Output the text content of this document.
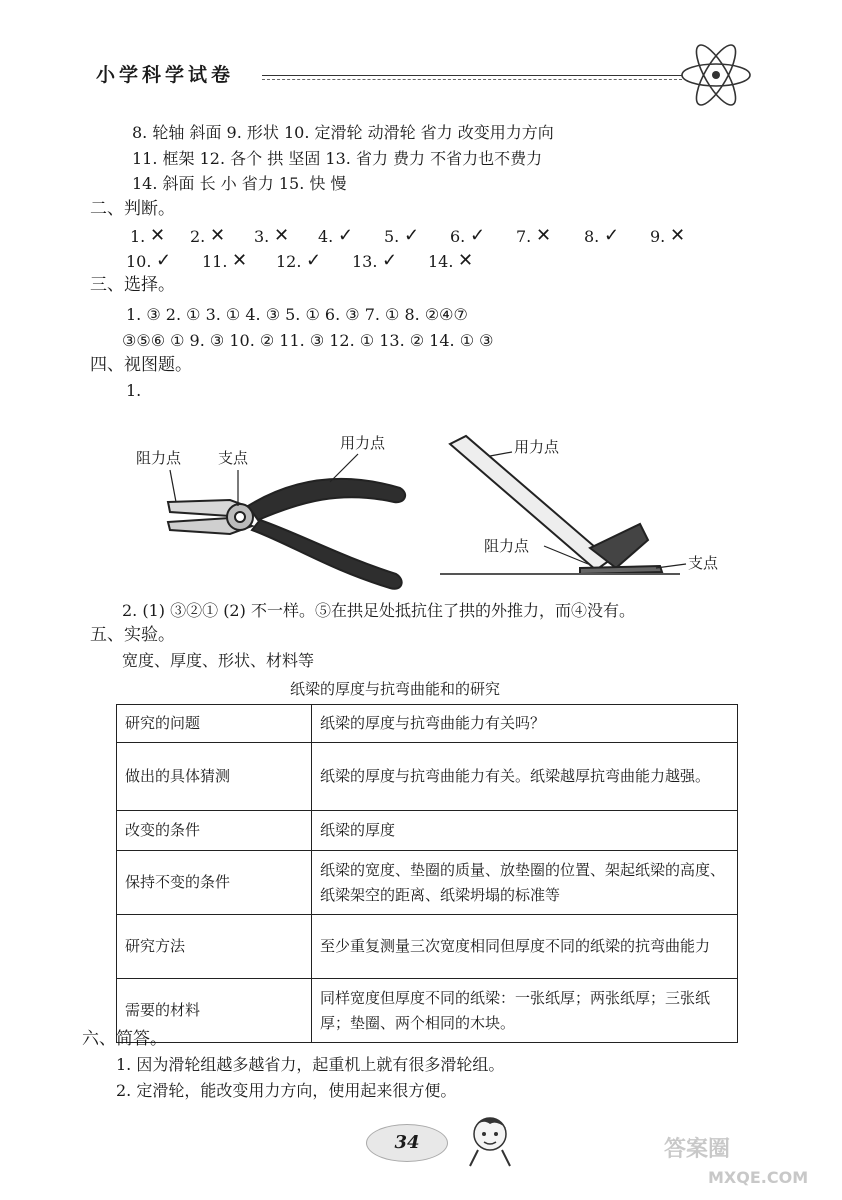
小学科学试卷
8. 轮轴 斜面 9. 形状 10. 定滑轮 动滑轮 省力 改变用力方向
11. 框架 12. 各个 拱 坚固 13. 省力 费力 不省力也不费力
14. 斜面 长 小 省力 15. 快 慢
二、判断。
三、选择。
1. ③ 2. ① 3. ① 4. ③ 5. ① 6. ③ 7. ① 8. ②④⑦
③⑤⑥ ① 9. ③ 10. ② 11. ③ 12. ① 13. ② 14. ① ③
四、视图题。
1.
阻力点 支点
用力点	用力点
阻力点
支点
2. (1) ③②① (2) 不一样。⑤在拱足处抵抗住了拱的外推力，而④没有。
五、实验。
宽度、厚度、形状、材料等
纸梁的厚度与抗弯曲能和的研究
研究的问题	纸梁的厚度与抗弯曲能力有关吗？
做出的具体猜测	纸梁的厚度与抗弯曲能力有关。纸梁越厚抗弯曲能力越强。
改变的条件	纸梁的厚度
保持不变的条件	纸梁的宽度、垫圈的质量、放垫圈的位置、架起纸梁的高度、纸梁架空的距离、纸梁坍塌的标准等
研究方法	至少重复测量三次宽度相同但厚度不同的纸梁的抗弯曲能力
需要的材料	同样宽度但厚度不同的纸梁：一张纸厚；两张纸厚；三张纸厚；垫圈、两个相同的木块。
六、简答。
1. 因为滑轮组越多越省力，起重机上就有很多滑轮组。
2. 定滑轮，能改变用力方向，使用起来很方便。
34	答案圈
MXQE.COM
1. ✕ 2. ✕ 3. ✕ 4. ✓ 5. ✓ 6. ✓ 7. ✕ 8. ✓ 9. ✕
10. ✓ 11. ✕ 12. ✓ 13. ✓ 14. ✕
